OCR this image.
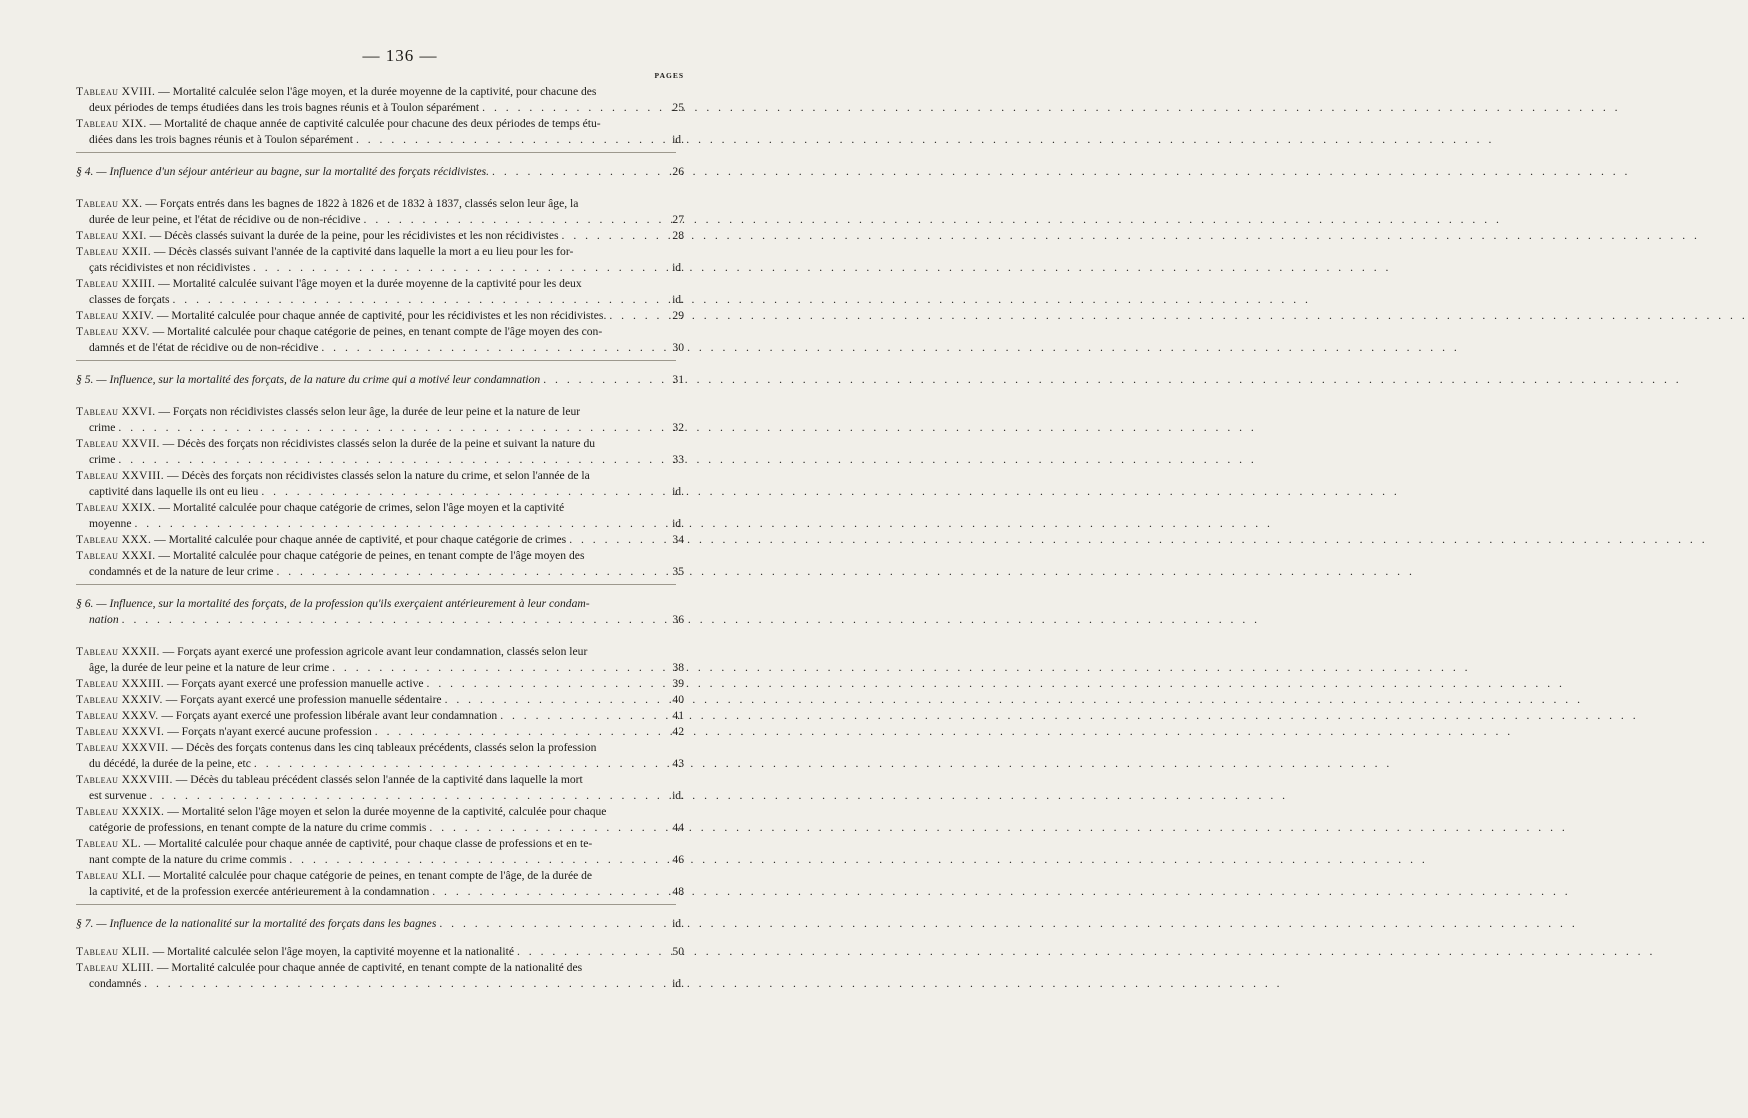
— 136 —
PAGES
Tableau XVIII. — Mortalité calculée selon l'âge moyen, et la durée moyenne de la captivité, pour chacune des
deux périodes de temps étudiées dans les trois bagnes réunis et à Toulon séparément . . .	25
Tableau XIX. — Mortalité de chaque année de captivité calculée pour chacune des deux périodes de temps étu-
diées dans les trois bagnes réunis et à Toulon séparément . . .	id.
§ 4. — Influence d'un séjour antérieur au bagne, sur la mortalité des forçats récidivistes. . . .	26
Tableau XX. — Forçats entrés dans les bagnes de 1822 à 1826 et de 1832 à 1837, classés selon leur âge, la
durée de leur peine, et l'état de récidive ou de non-récidive . . .	27
Tableau XXI. — Décès classés suivant la durée de la peine, pour les récidivistes et les non récidivistes . . .	28
Tableau XXII. — Décès classés suivant l'année de la captivité dans laquelle la mort a eu lieu pour les for-
çats récidivistes et non récidivistes . . .	id.
Tableau XXIII. — Mortalité calculée suivant l'âge moyen et la durée moyenne de la captivité pour les deux
classes de forçats . . .	id.
Tableau XXIV. — Mortalité calculée pour chaque année de captivité, pour les récidivistes et les non récidivistes. . . .	29
Tableau XXV. — Mortalité calculée pour chaque catégorie de peines, en tenant compte de l'âge moyen des con-
damnés et de l'état de récidive ou de non-récidive . . .	30
§ 5. — Influence, sur la mortalité des forçats, de la nature du crime qui a motivé leur condamnation . . .	31
Tableau XXVI. — Forçats non récidivistes classés selon leur âge, la durée de leur peine et la nature de leur
crime . . .	32
Tableau XXVII. — Décès des forçats non récidivistes classés selon la durée de la peine et suivant la nature du
crime . . .	33
Tableau XXVIII. — Décès des forçats non récidivistes classés selon la nature du crime, et selon l'année de la
captivité dans laquelle ils ont eu lieu . . .	id.
Tableau XXIX. — Mortalité calculée pour chaque catégorie de crimes, selon l'âge moyen et la captivité
moyenne . . .	id.
Tableau XXX. — Mortalité calculée pour chaque année de captivité, et pour chaque catégorie de crimes . . .	34
Tableau XXXI. — Mortalité calculée pour chaque catégorie de peines, en tenant compte de l'âge moyen des
condamnés et de la nature de leur crime . . .	35
§ 6. — Influence, sur la mortalité des forçats, de la profession qu'ils exerçaient antérieurement à leur condam-
nation . . .	36
Tableau XXXII. — Forçats ayant exercé une profession agricole avant leur condamnation, classés selon leur
âge, la durée de leur peine et la nature de leur crime . . .	38
Tableau XXXIII. — Forçats ayant exercé une profession manuelle active . . .	39
Tableau XXXIV. — Forçats ayant exercé une profession manuelle sédentaire . . .	40
Tableau XXXV. — Forçats ayant exercé une profession libérale avant leur condamnation . . .	41
Tableau XXXVI. — Forçats n'ayant exercé aucune profession . . .	42
Tableau XXXVII. — Décès des forçats contenus dans les cinq tableaux précédents, classés selon la profession
du décédé, la durée de la peine, etc . . .	43
Tableau XXXVIII. — Décès du tableau précédent classés selon l'année de la captivité dans laquelle la mort
est survenue . . .	id.
Tableau XXXIX. — Mortalité selon l'âge moyen et selon la durée moyenne de la captivité, calculée pour chaque
catégorie de professions, en tenant compte de la nature du crime commis . . .	44
Tableau XL. — Mortalité calculée pour chaque année de captivité, pour chaque classe de professions et en te-
nant compte de la nature du crime commis . . .	46
Tableau XLI. — Mortalité calculée pour chaque catégorie de peines, en tenant compte de l'âge, de la durée de
la captivité, et de la profession exercée antérieurement à la condamnation . . .	48
§ 7. — Influence de la nationalité sur la mortalité des forçats dans les bagnes . . .	id.
Tableau XLII. — Mortalité calculée selon l'âge moyen, la captivité moyenne et la nationalité . . .	50
Tableau XLIII. — Mortalité calculée pour chaque année de captivité, en tenant compte de la nationalité des
condamnés . . .	id.
